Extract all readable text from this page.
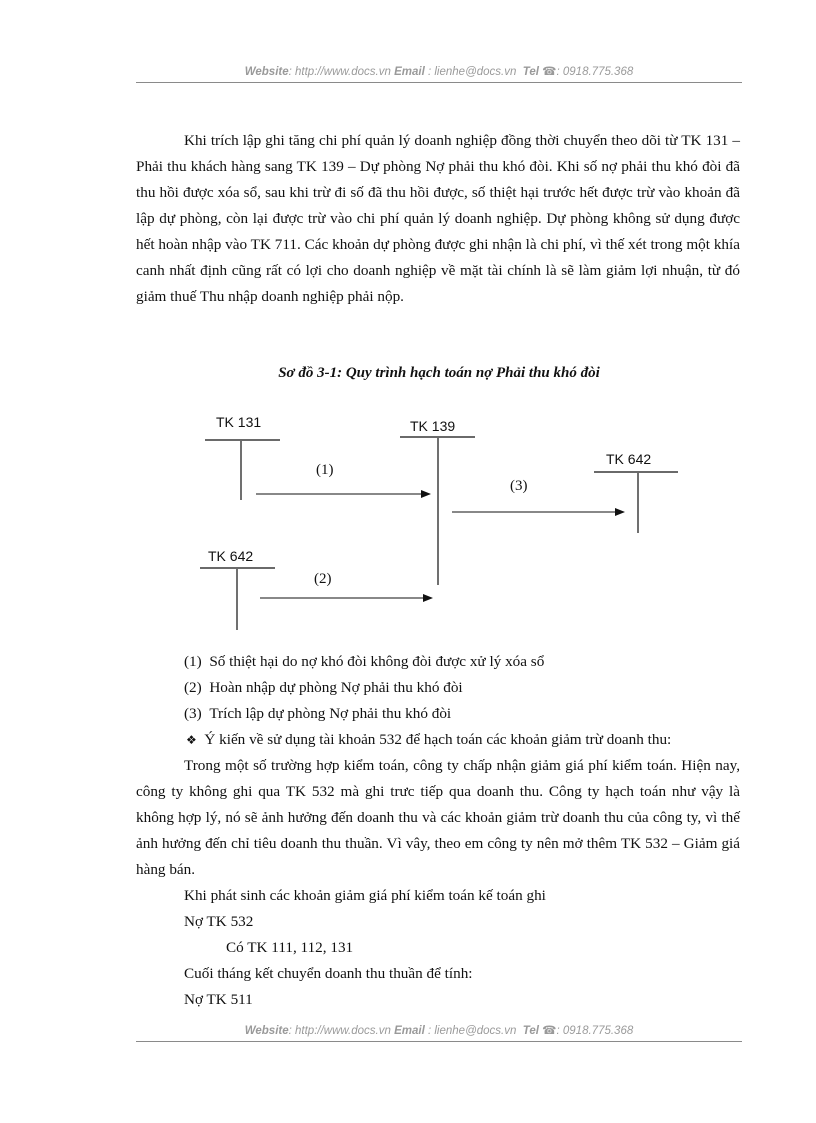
Website: http://www.docs.vn Email : lienhe@docs.vn Tel ☎: 0918.775.368

Khi trích lập ghi tăng chi phí quản lý doanh nghiệp đồng thời chuyển theo dõi từ TK 131 – Phải thu khách hàng sang TK 139 – Dự phòng Nợ phải thu khó đòi. Khi số nợ phải thu khó đòi đã thu hồi được xóa sổ, sau khi trừ đi số đã thu hồi được, số thiệt hại trước hết được trừ vào khoản đã lập dự phòng, còn lại được trừ vào chi phí quản lý doanh nghiệp. Dự phòng không sử dụng được hết hoàn nhập vào TK 711. Các khoản dự phòng được ghi nhận là chi phí, vì thế xét trong một khía canh nhất định cũng rất có lợi cho doanh nghiệp về mặt tài chính là sẽ làm giảm lợi nhuận, từ đó giảm thuế Thu nhập doanh nghiệp phải nộp.

Sơ đồ 3-1: Quy trình hạch toán nợ Phải thu khó đòi
TK 131	TK 139
TK 642
TK 642
(1)
(3)
(2)
(1) Số thiệt hại do nợ khó đòi không đòi được xử lý xóa sổ
(2) Hoàn nhập dự phòng Nợ phải thu khó đòi
(3) Trích lập dự phòng Nợ phải thu khó đòi
❖ Ý kiến về sử dụng tài khoản 532 để hạch toán các khoản giảm trừ doanh thu:

Trong một số trường hợp kiểm toán, công ty chấp nhận giảm giá phí kiểm toán. Hiện nay, công ty không ghi qua TK 532 mà ghi trưc tiếp qua doanh thu. Công ty hạch toán như vậy là không hợp lý, nó sẽ ảnh hưởng đến doanh thu và các khoản giảm trừ doanh thu của công ty, vì thế ảnh hưởng đến chỉ tiêu doanh thu thuần. Vì vây, theo em công ty nên mở thêm TK 532 – Giảm giá hàng bán.

Khi phát sinh các khoản giảm giá phí kiểm toán kế toán ghi
Nợ TK 532
Có TK 111, 112, 131
Cuối tháng kết chuyển doanh thu thuần để tính:
Nợ TK 511
Website: http://www.docs.vn Email : lienhe@docs.vn Tel ☎: 0918.775.368
